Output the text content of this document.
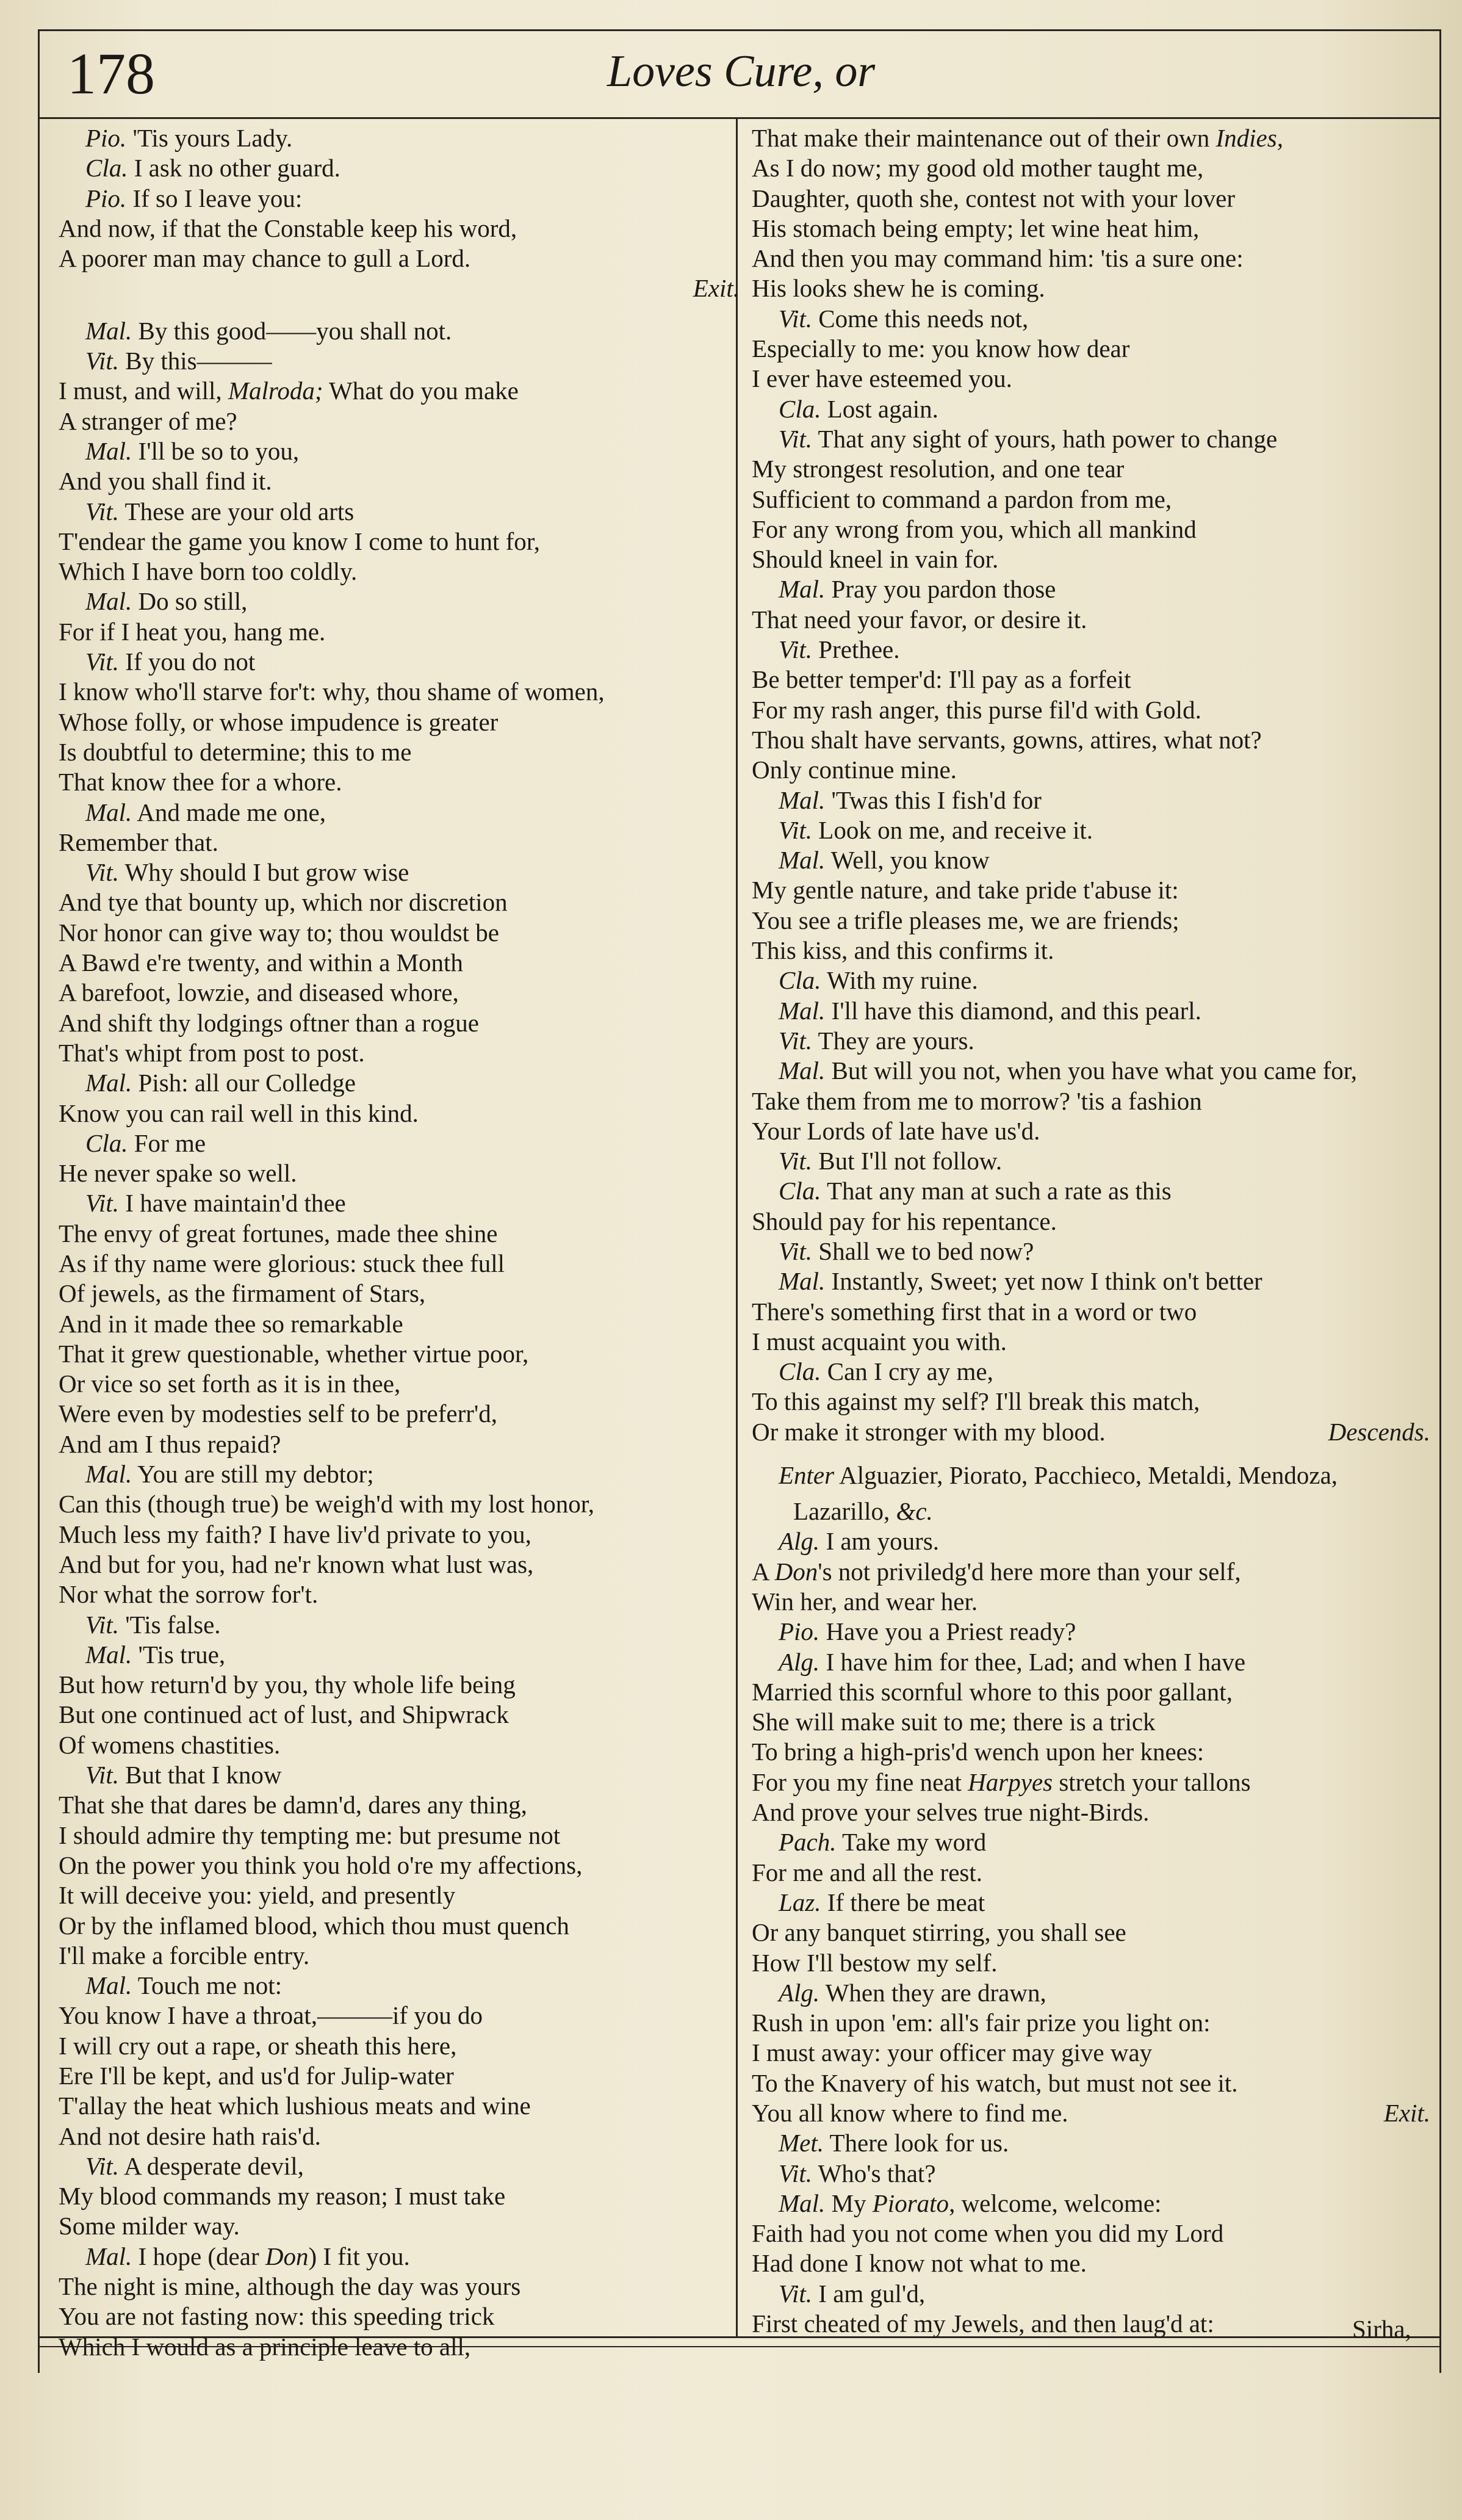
178	Loves Cure, or
Pio. 'Tis yours Lady.
Cla. I ask no other guard.
Pio. If so I leave you:
And now, if that the Constable keep his word,
A poorer man may chance to gull a Lord.
Exit.
Mal. By this good——you shall not.
Vit. By this———
I must, and will, Malroda; What do you make
A stranger of me?
Mal. I'll be so to you,
And you shall find it.
Vit. These are your old arts
T'endear the game you know I come to hunt for,
Which I have born too coldly.
Mal. Do so still,
For if I heat you, hang me.
Vit. If you do not
I know who'll starve for't: why, thou shame of women,
Whose folly, or whose impudence is greater
Is doubtful to determine; this to me
That know thee for a whore.
Mal. And made me one,
Remember that.
Vit. Why should I but grow wise
And tye that bounty up, which nor discretion
Nor honor can give way to; thou wouldst be
A Bawd e're twenty, and within a Month
A barefoot, lowzie, and diseased whore,
And shift thy lodgings oftner than a rogue
That's whipt from post to post.
Mal. Pish: all our Colledge
Know you can rail well in this kind.
Cla. For me
He never spake so well.
Vit. I have maintain'd thee
The envy of great fortunes, made thee shine
As if thy name were glorious: stuck thee full
Of jewels, as the firmament of Stars,
And in it made thee so remarkable
That it grew questionable, whether virtue poor,
Or vice so set forth as it is in thee,
Were even by modesties self to be preferr'd,
And am I thus repaid?
Mal. You are still my debtor;
Can this (though true) be weigh'd with my lost honor,
Much less my faith? I have liv'd private to you,
And but for you, had ne'r known what lust was,
Nor what the sorrow for't.
Vit. 'Tis false.
Mal. 'Tis true,
But how return'd by you, thy whole life being
But one continued act of lust, and Shipwrack
Of womens chastities.
Vit. But that I know
That she that dares be damn'd, dares any thing,
I should admire thy tempting me: but presume not
On the power you think you hold o're my affections,
It will deceive you: yield, and presently
Or by the inflamed blood, which thou must quench
I'll make a forcible entry.
Mal. Touch me not:
You know I have a throat,———if you do
I will cry out a rape, or sheath this here,
Ere I'll be kept, and us'd for Julip-water
T'allay the heat which lushious meats and wine
And not desire hath rais'd.
Vit. A desperate devil,
My blood commands my reason; I must take
Some milder way.
Mal. I hope (dear Don) I fit you.
The night is mine, although the day was yours
You are not fasting now: this speeding trick
Which I would as a principle leave to all,
That make their maintenance out of their own Indies,
As I do now; my good old mother taught me,
Daughter, quoth she, contest not with your lover
His stomach being empty; let wine heat him,
And then you may command him: 'tis a sure one:
His looks shew he is coming.
Vit. Come this needs not,
Especially to me: you know how dear
I ever have esteemed you.
Cla. Lost again.
Vit. That any sight of yours, hath power to change
My strongest resolution, and one tear
Sufficient to command a pardon from me,
For any wrong from you, which all mankind
Should kneel in vain for.
Mal. Pray you pardon those
That need your favor, or desire it.
Vit. Prethee.
Be better temper'd: I'll pay as a forfeit
For my rash anger, this purse fil'd with Gold.
Thou shalt have servants, gowns, attires, what not?
Only continue mine.
Mal. 'Twas this I fish'd for
Vit. Look on me, and receive it.
Mal. Well, you know
My gentle nature, and take pride t'abuse it:
You see a trifle pleases me, we are friends;
This kiss, and this confirms it.
Cla. With my ruine.
Mal. I'll have this diamond, and this pearl.
Vit. They are yours.
Mal. But will you not, when you have what you came for,
Take them from me to morrow? 'tis a fashion
Your Lords of late have us'd.
Vit. But I'll not follow.
Cla. That any man at such a rate as this
Should pay for his repentance.
Vit. Shall we to bed now?
Mal. Instantly, Sweet; yet now I think on't better
There's something first that in a word or two
I must acquaint you with.
Cla. Can I cry ay me,
To this against my self? I'll break this match,
Or make it stronger with my blood.	Descends.
Enter Alguazier, Piorato, Pacchieco, Metaldi, Mendoza,
Lazarillo, &c.
Alg. I am yours.
A Don's not priviledg'd here more than your self,
Win her, and wear her.
Pio. Have you a Priest ready?
Alg. I have him for thee, Lad; and when I have
Married this scornful whore to this poor gallant,
She will make suit to me; there is a trick
To bring a high-pris'd wench upon her knees:
For you my fine neat Harpyes stretch your tallons
And prove your selves true night-Birds.
Pach. Take my word
For me and all the rest.
Laz. If there be meat
Or any banquet stirring, you shall see
How I'll bestow my self.
Alg. When they are drawn,
Rush in upon 'em: all's fair prize you light on:
I must away: your officer may give way
To the Knavery of his watch, but must not see it.
You all know where to find me.	Exit.
Met. There look for us.
Vit. Who's that?
Mal. My Piorato, welcome, welcome:
Faith had you not come when you did my Lord
Had done I know not what to me.
Vit. I am gul'd,
First cheated of my Jewels, and then laug'd at:	Sirha,
